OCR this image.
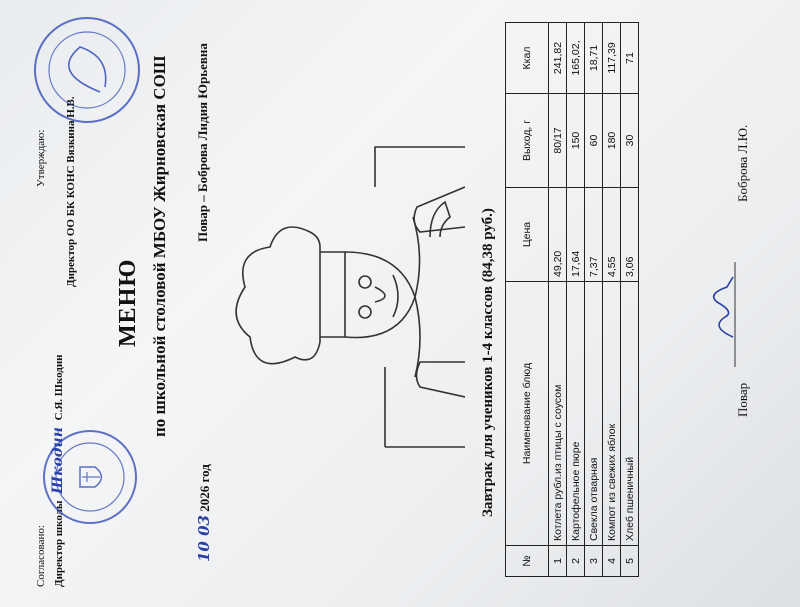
Согласовано: Директор школы Шкодин С.Я. Шкодин
Утверждаю:
Директор ОО БК КОНС Вязкина Н.В.
МЕНЮ по школьной столовой МБОУ Жирновская СОШ
10 03 2026 год
Повар – Боброва Лидия Юрьевна
Завтрак для учеников 1-4 классов (84,38 руб.)
№	Наименование блюд	Цена	Выход, г	Ккал
1	Котлета рубл.из птицы с соусом	49,20	80/17	241,82
2	Картофельное пюре	17,64	150	165,02,
3	Свекла отварная	7,37	60	18,71
4	Компот из свежих яблок	4,55	180	117,39
5	Хлеб пшеничный	3,06	30	71
Повар
Боброва Л.Ю.
